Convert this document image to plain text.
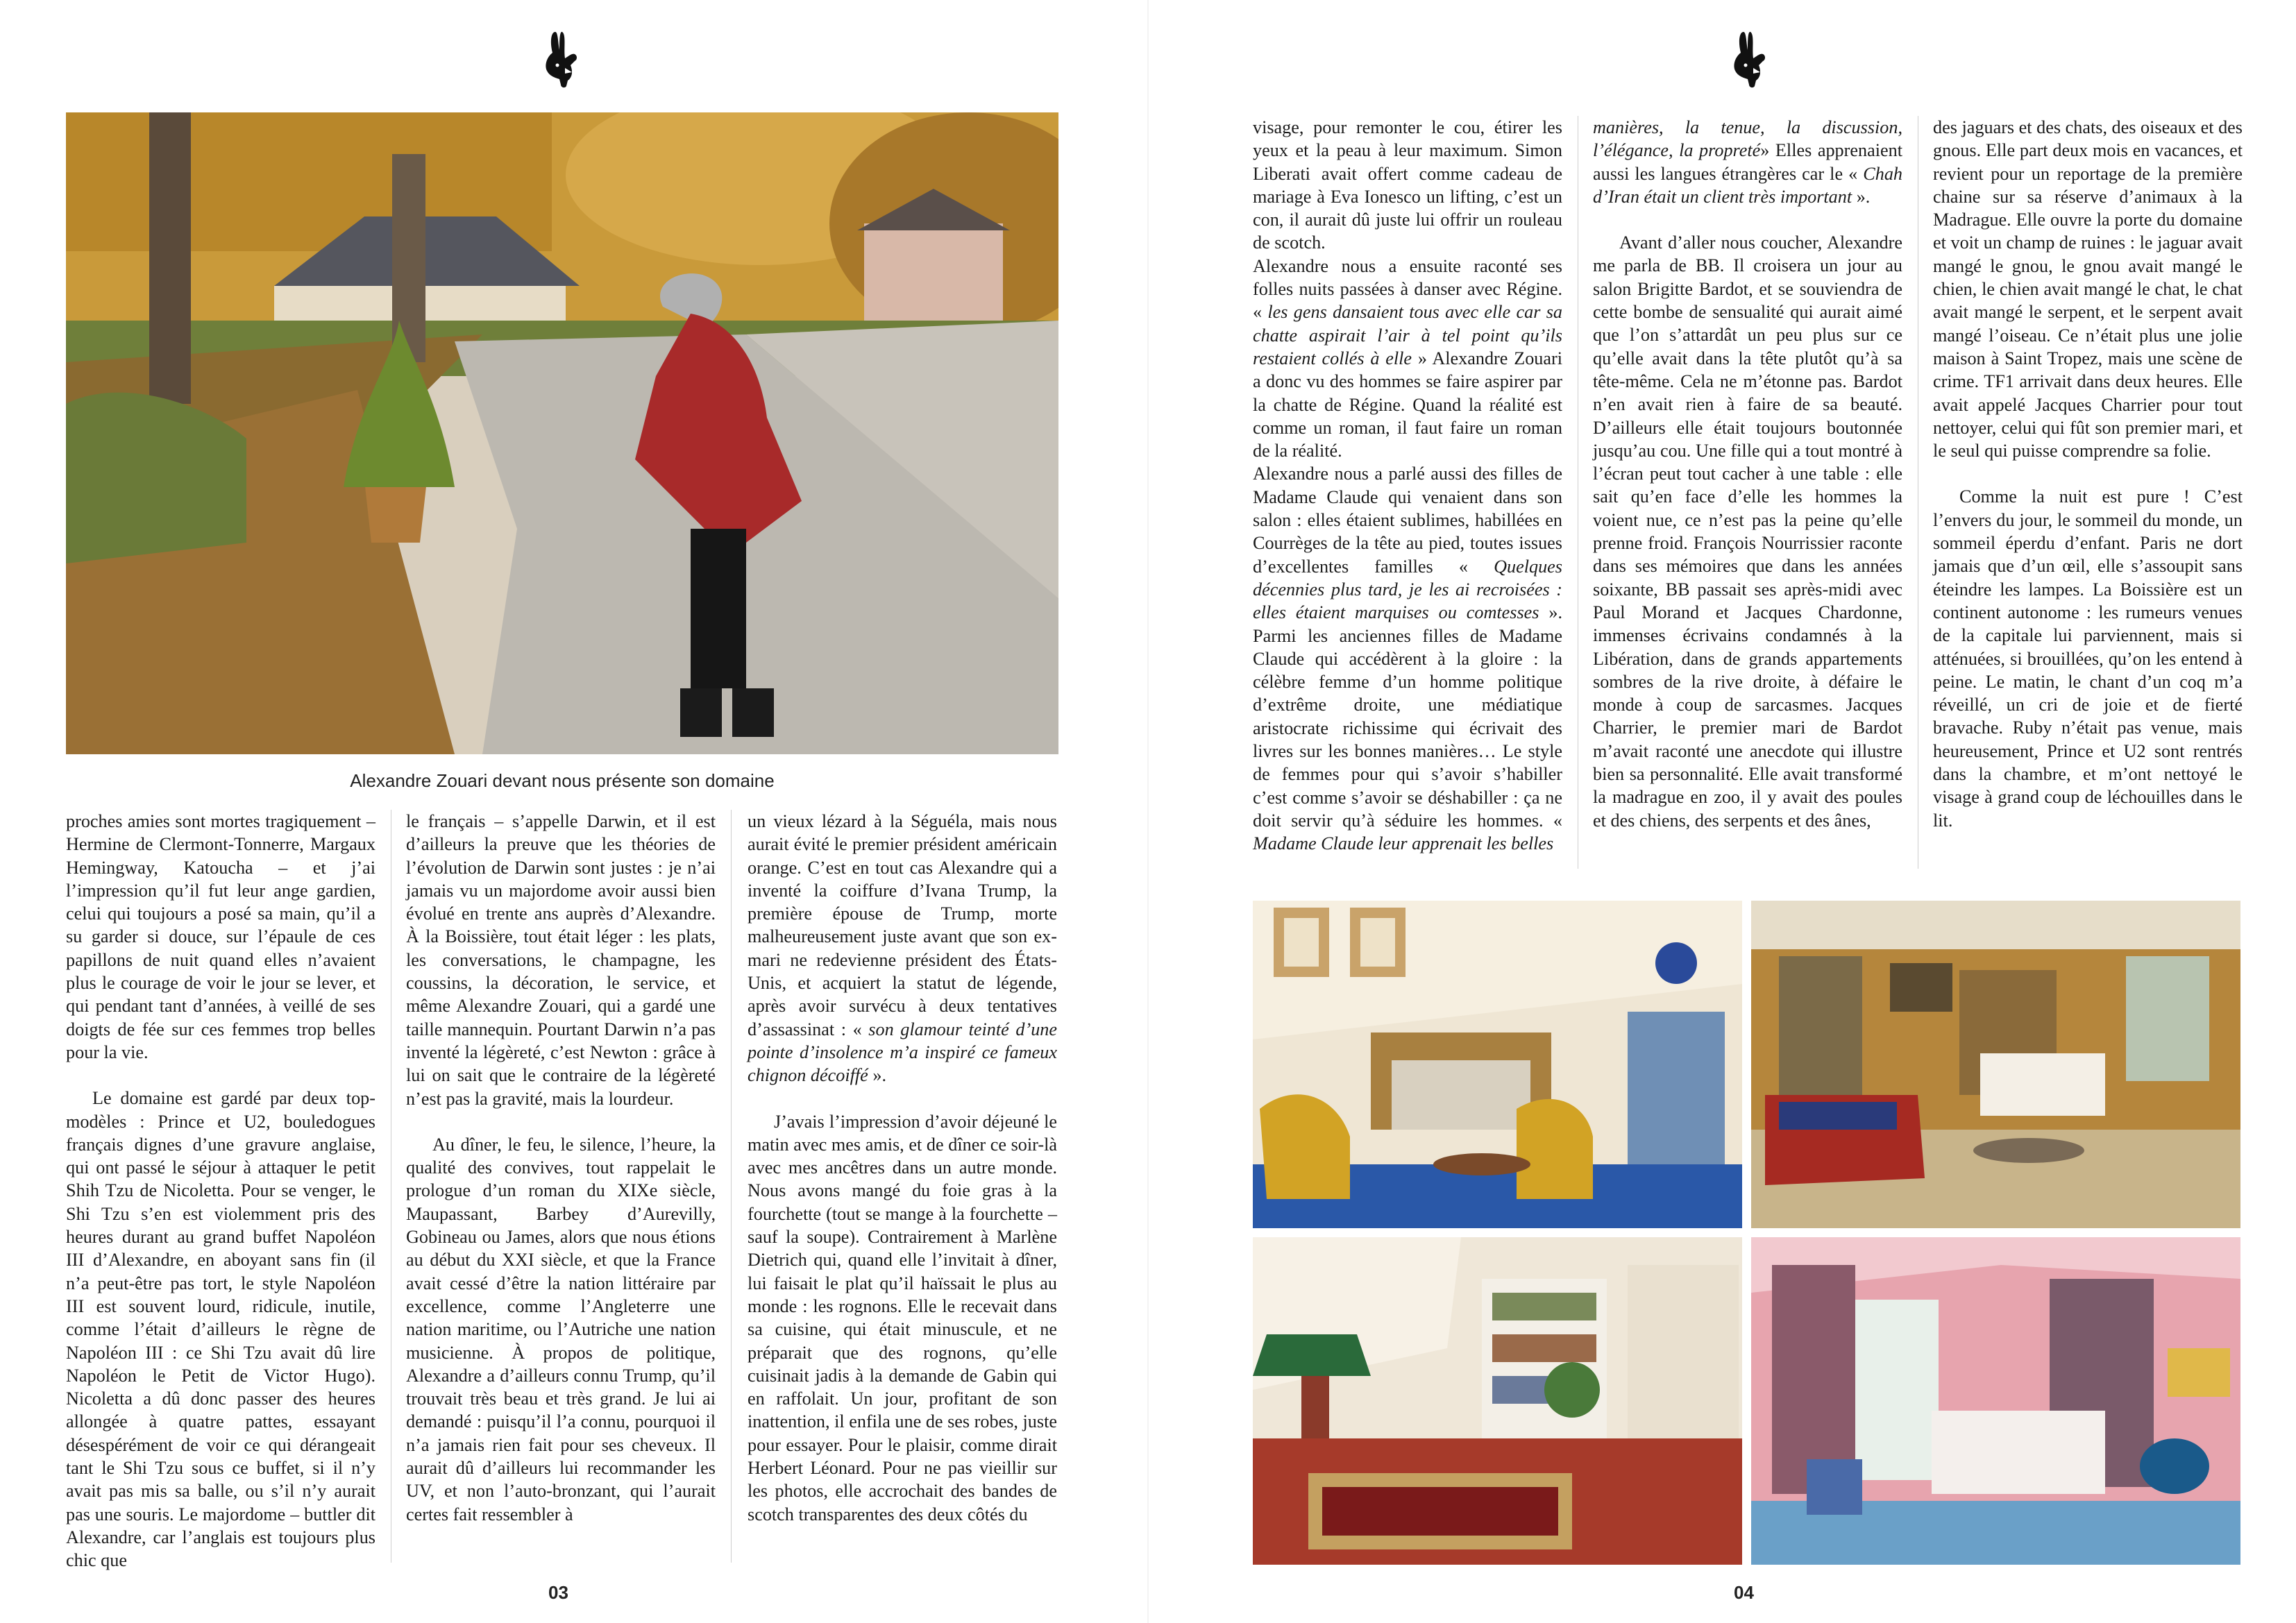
Alexandre Zouari devant nous présente son domaine

proches amies sont mortes tragiquement – Hermine de Clermont-Tonnerre, Margaux Hemingway, Katoucha – et j’ai l’impression qu’il fut leur ange gardien, celui qui toujours a posé sa main, qu’il a su garder si douce, sur l’épaule de ces papillons de nuit quand elles n’avaient plus le courage de voir le jour se lever, et qui pendant tant d’années, à veillé de ses doigts de fée sur ces femmes trop belles pour la vie.

Le domaine est gardé par deux top-modèles : Prince et U2, bouledogues français dignes d’une gravure anglaise, qui ont passé le séjour à attaquer le petit Shih Tzu de Nicoletta. Pour se venger, le Shi Tzu s’en est violemment pris des heures durant au grand buffet Napoléon III d’Alexandre, en aboyant sans fin (il n’a peut-être pas tort, le style Napoléon III est souvent lourd, ridicule, inutile, comme l’était d’ailleurs le règne de Napoléon III : ce Shi Tzu avait dû lire Napoléon le Petit de Victor Hugo). Nicoletta a dû donc passer des heures allongée à quatre pattes, essayant désespérément de voir ce qui dérangeait tant le Shi Tzu sous ce buffet, si il n’y avait pas mis sa balle, ou s’il n’y aurait pas une souris. Le majordome – buttler dit Alexandre, car l’anglais est toujours plus chic que

le français – s’appelle Darwin, et il est d’ailleurs la preuve que les théories de l’évolution de Darwin sont justes : je n’ai jamais vu un majordome avoir aussi bien évolué en trente ans auprès d’Alexandre. À la Boissière, tout était léger : les plats, les conversations, le champagne, les coussins, la décoration, le service, et même Alexandre Zouari, qui a gardé une taille mannequin. Pourtant Darwin n’a pas inventé la légèreté, c’est Newton : grâce à lui on sait que le contraire de la légèreté n’est pas la gravité, mais la lourdeur.

Au dîner, le feu, le silence, l’heure, la qualité des convives, tout rappelait le prologue d’un roman du XIXe siècle, Maupassant, Barbey d’Aurevilly, Gobineau ou James, alors que nous étions au début du XXI siècle, et que la France avait cessé d’être la nation littéraire par excellence, comme l’Angleterre une nation maritime, ou l’Autriche une nation musicienne. À propos de politique, Alexandre a d’ailleurs connu Trump, qu’il trouvait très beau et très grand. Je lui ai demandé : puisqu’il l’a connu, pourquoi il n’a jamais rien fait pour ses cheveux. Il aurait dû d’ailleurs lui recommander les UV, et non l’auto-bronzant, qui l’aurait certes fait ressembler à

un vieux lézard à la Séguéla, mais nous aurait évité le premier président américain orange. C’est en tout cas Alexandre qui a inventé la coiffure d’Ivana Trump, la première épouse de Trump, morte malheureusement juste avant que son ex-mari ne redevienne président des États-Unis, et acquiert la statut de légende, après avoir survécu à deux tentatives d’assassinat : « son glamour teinté d’une pointe d’insolence m’a inspiré ce fameux chignon décoiffé ».

J’avais l’impression d’avoir déjeuné le matin avec mes amis, et de dîner ce soir-là avec mes ancêtres dans un autre monde. Nous avons mangé du foie gras à la fourchette (tout se mange à la fourchette – sauf la soupe). Contrairement à Marlène Dietrich qui, quand elle l’invitait à dîner, lui faisait le plat qu’il haïssait le plus au monde : les rognons. Elle le recevait dans sa cuisine, qui était minuscule, et ne préparait que des rognons, qu’elle cuisinait jadis à la demande de Gabin qui en raffolait. Un jour, profitant de son inattention, il enfila une de ses robes, juste pour essayer. Pour le plaisir, comme dirait Herbert Léonard. Pour ne pas vieillir sur les photos, elle accrochait des bandes de scotch transparentes des deux côtés du

03

visage, pour remonter le cou, étirer les yeux et la peau à leur maximum. Simon Liberati avait offert comme cadeau de mariage à Eva Ionesco un lifting, c’est un con, il aurait dû juste lui offrir un rouleau de scotch.

Alexandre nous a ensuite raconté ses folles nuits passées à danser avec Régine. « les gens dansaient tous avec elle car sa chatte aspirait l’air à tel point qu’ils restaient collés à elle » Alexandre Zouari a donc vu des hommes se faire aspirer par la chatte de Régine. Quand la réalité est comme un roman, il faut faire un roman de la réalité.

Alexandre nous a parlé aussi des filles de Madame Claude qui venaient dans son salon : elles étaient sublimes, habillées en Courrèges de la tête au pied, toutes issues d’excellentes familles « Quelques décennies plus tard, je les ai recroisées : elles étaient marquises ou comtesses ». Parmi les anciennes filles de Madame Claude qui accédèrent à la gloire : la célèbre femme d’un homme politique d’extrême droite, une médiatique aristocrate richissime qui écrivait des livres sur les bonnes manières… Le style de femmes pour qui s’avoir s’habiller c’est comme s’avoir se déshabiller : ça ne doit servir qu’à séduire les hommes. « Madame Claude leur apprenait les belles

manières, la tenue, la discussion, l’élégance, la propreté» Elles apprenaient aussi les langues étrangères car le « Chah d’Iran était un client très important ».

Avant d’aller nous coucher, Alexandre me parla de BB. Il croisera un jour au salon Brigitte Bardot, et se souviendra de cette bombe de sensualité qui aurait aimé que l’on s’attardât un peu plus sur ce qu’elle avait dans la tête plutôt qu’à sa tête-même. Cela ne m’étonne pas. Bardot n’en avait rien à faire de sa beauté. D’ailleurs elle était toujours boutonnée jusqu’au cou. Une fille qui a tout montré à l’écran peut tout cacher à une table : elle sait qu’en face d’elle les hommes la voient nue, ce n’est pas la peine qu’elle prenne froid. François Nourrissier raconte dans ses mémoires que dans les années soixante, BB passait ses après-midi avec Paul Morand et Jacques Chardonne, immenses écrivains condamnés à la Libération, dans de grands appartements sombres de la rive droite, à défaire le monde à coup de sarcasmes. Jacques Charrier, le premier mari de Bardot m’avait raconté une anecdote qui illustre bien sa personnalité. Elle avait transformé la madrague en zoo, il y avait des poules et des chiens, des serpents et des ânes,

des jaguars et des chats, des oiseaux et des gnous. Elle part deux mois en vacances, et revient pour un reportage de la première chaine sur sa réserve d’animaux à la Madrague. Elle ouvre la porte du domaine et voit un champ de ruines : le jaguar avait mangé le gnou, le gnou avait mangé le chien, le chien avait mangé le chat, le chat avait mangé le serpent, et le serpent avait mangé l’oiseau. Ce n’était plus une jolie maison à Saint Tropez, mais une scène de crime. TF1 arrivait dans deux heures. Elle avait appelé Jacques Charrier pour tout nettoyer, celui qui fût son premier mari, et le seul qui puisse comprendre sa folie.

Comme la nuit est pure ! C’est l’envers du jour, le sommeil du monde, un sommeil éperdu d’enfant. Paris ne dort jamais que d’un œil, elle s’assoupit sans éteindre les lampes. La Boissière est un continent autonome : les rumeurs venues de la capitale lui parviennent, mais si atténuées, si brouillées, qu’on les entend à peine. Le matin, le chant d’un coq m’a réveillé, un cri de joie et de fierté bravache. Ruby n’était pas venue, mais heureusement, Prince et U2 sont rentrés dans la chambre, et m’ont nettoyé le visage à grand coup de léchouilles dans le lit.

04
